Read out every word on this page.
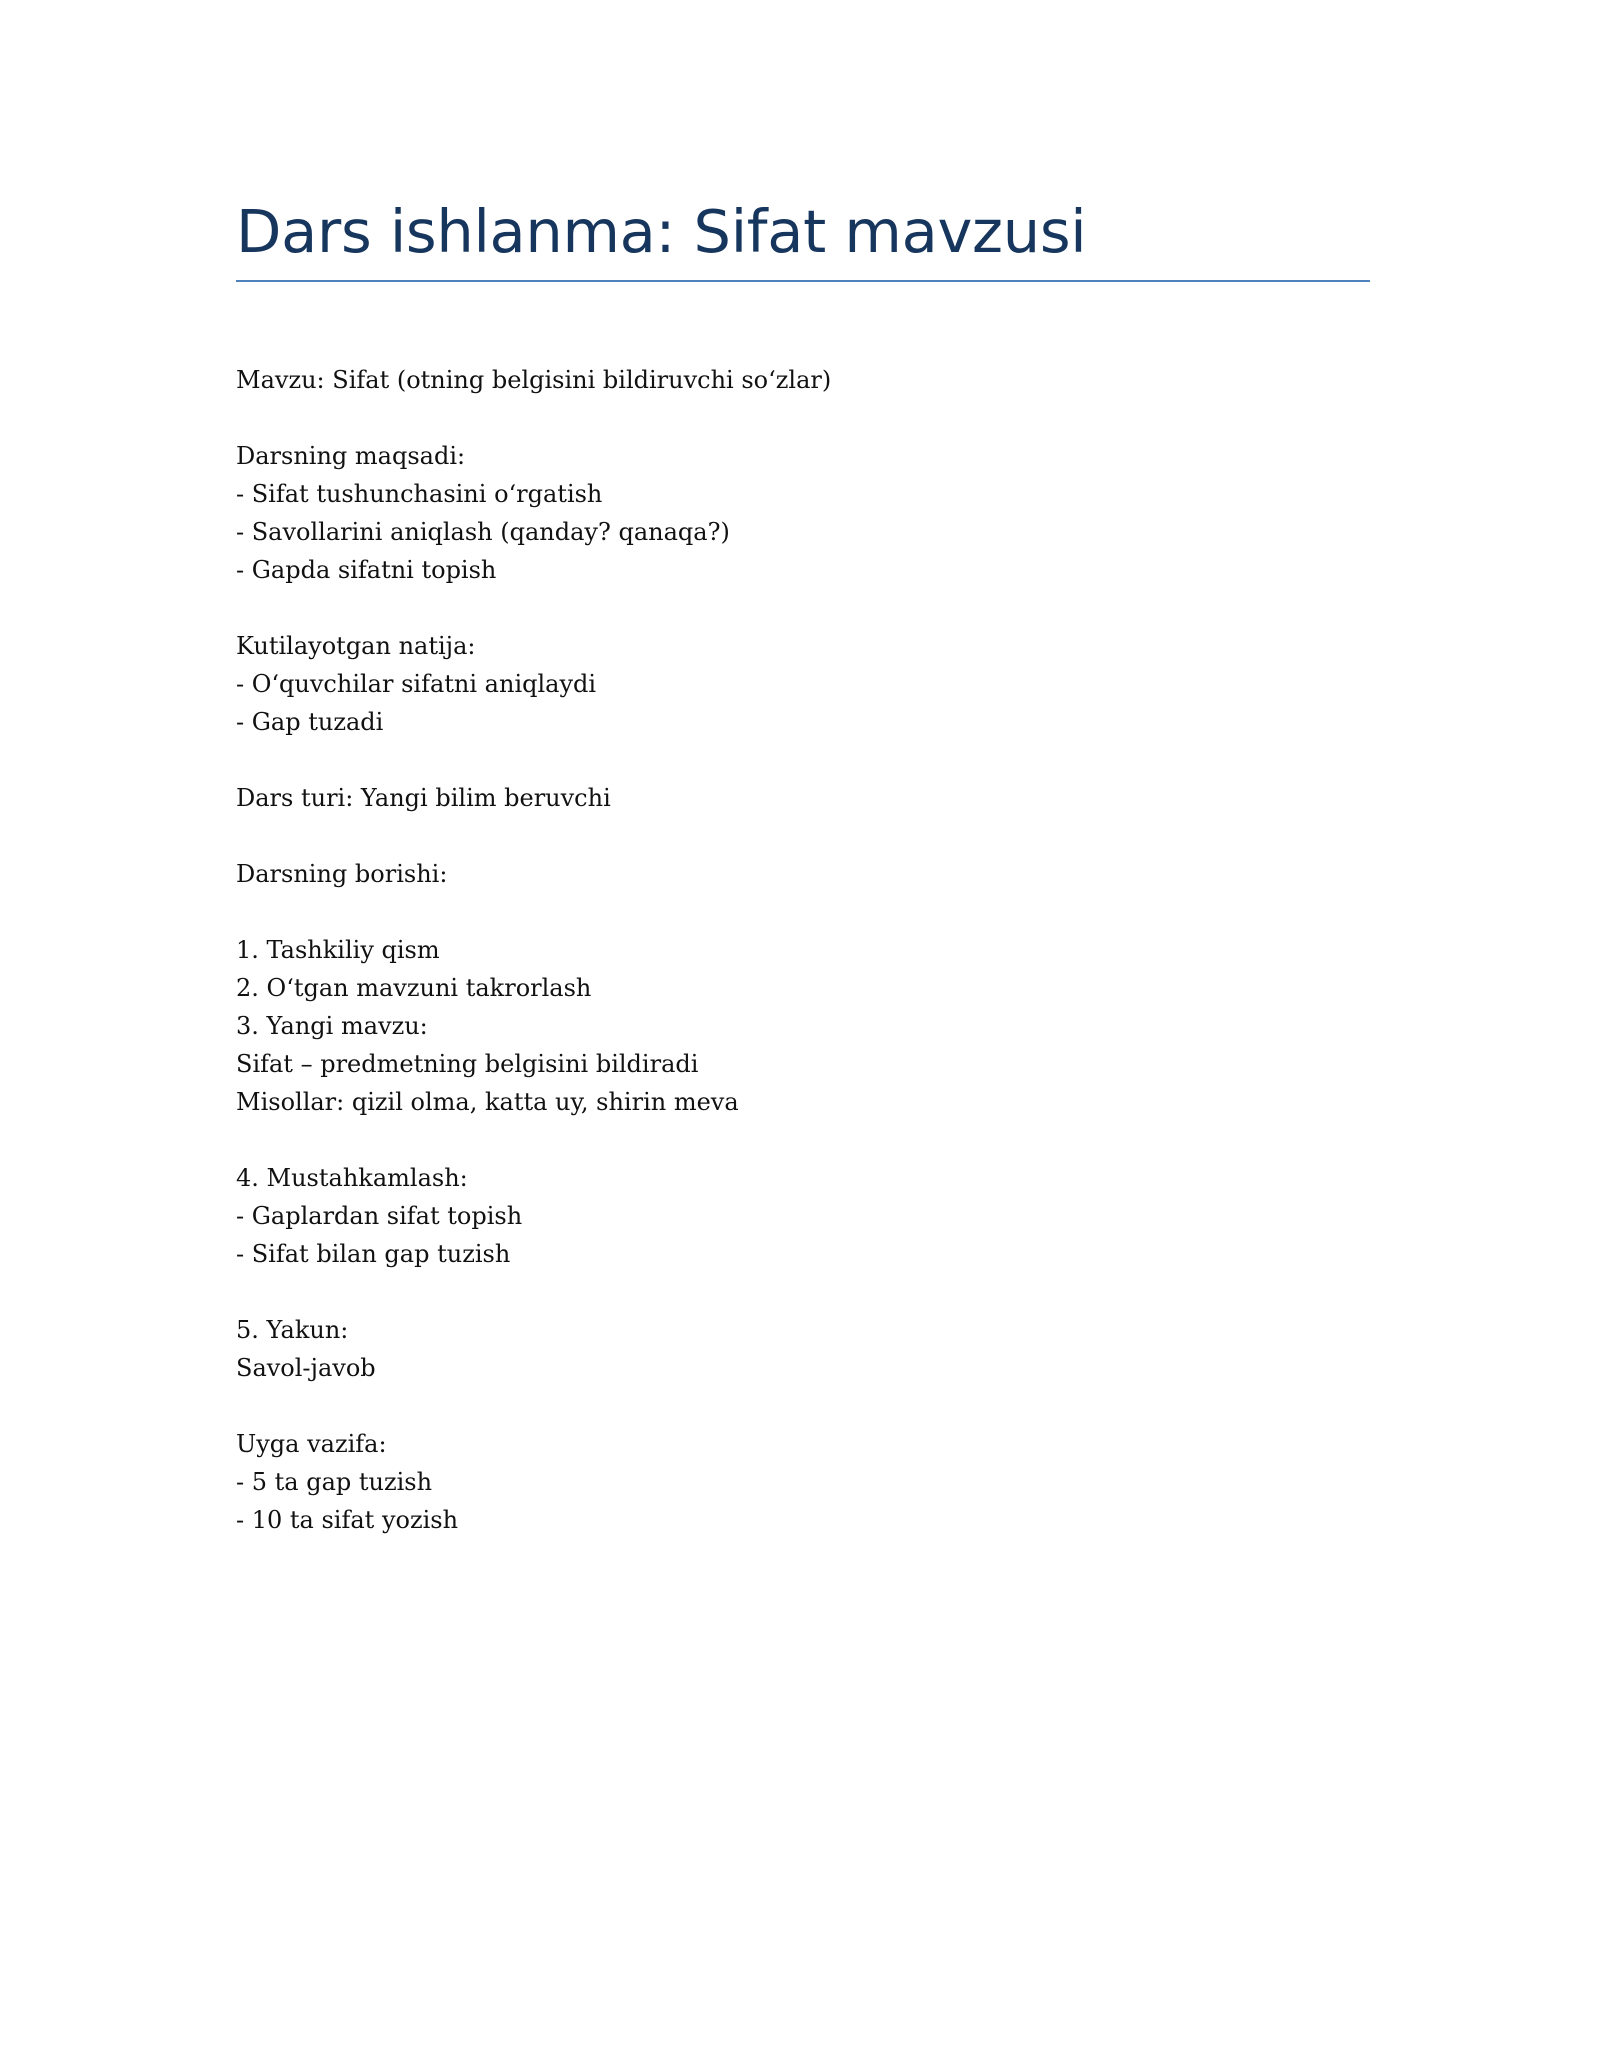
Dars ishlanma: Sifat mavzusi
Mavzu: Sifat (otning belgisini bildiruvchi so‘zlar)
Darsning maqsadi:
- Sifat tushunchasini o‘rgatish
- Savollarini aniqlash (qanday? qanaqa?)
- Gapda sifatni topish
Kutilayotgan natija:
- O‘quvchilar sifatni aniqlaydi
- Gap tuzadi
Dars turi: Yangi bilim beruvchi
Darsning borishi:
1. Tashkiliy qism
2. O‘tgan mavzuni takrorlash
3. Yangi mavzu:
Sifat – predmetning belgisini bildiradi
Misollar: qizil olma, katta uy, shirin meva
4. Mustahkamlash:
- Gaplardan sifat topish
- Sifat bilan gap tuzish
5. Yakun:
Savol-javob
Uyga vazifa:
- 5 ta gap tuzish
- 10 ta sifat yozish
